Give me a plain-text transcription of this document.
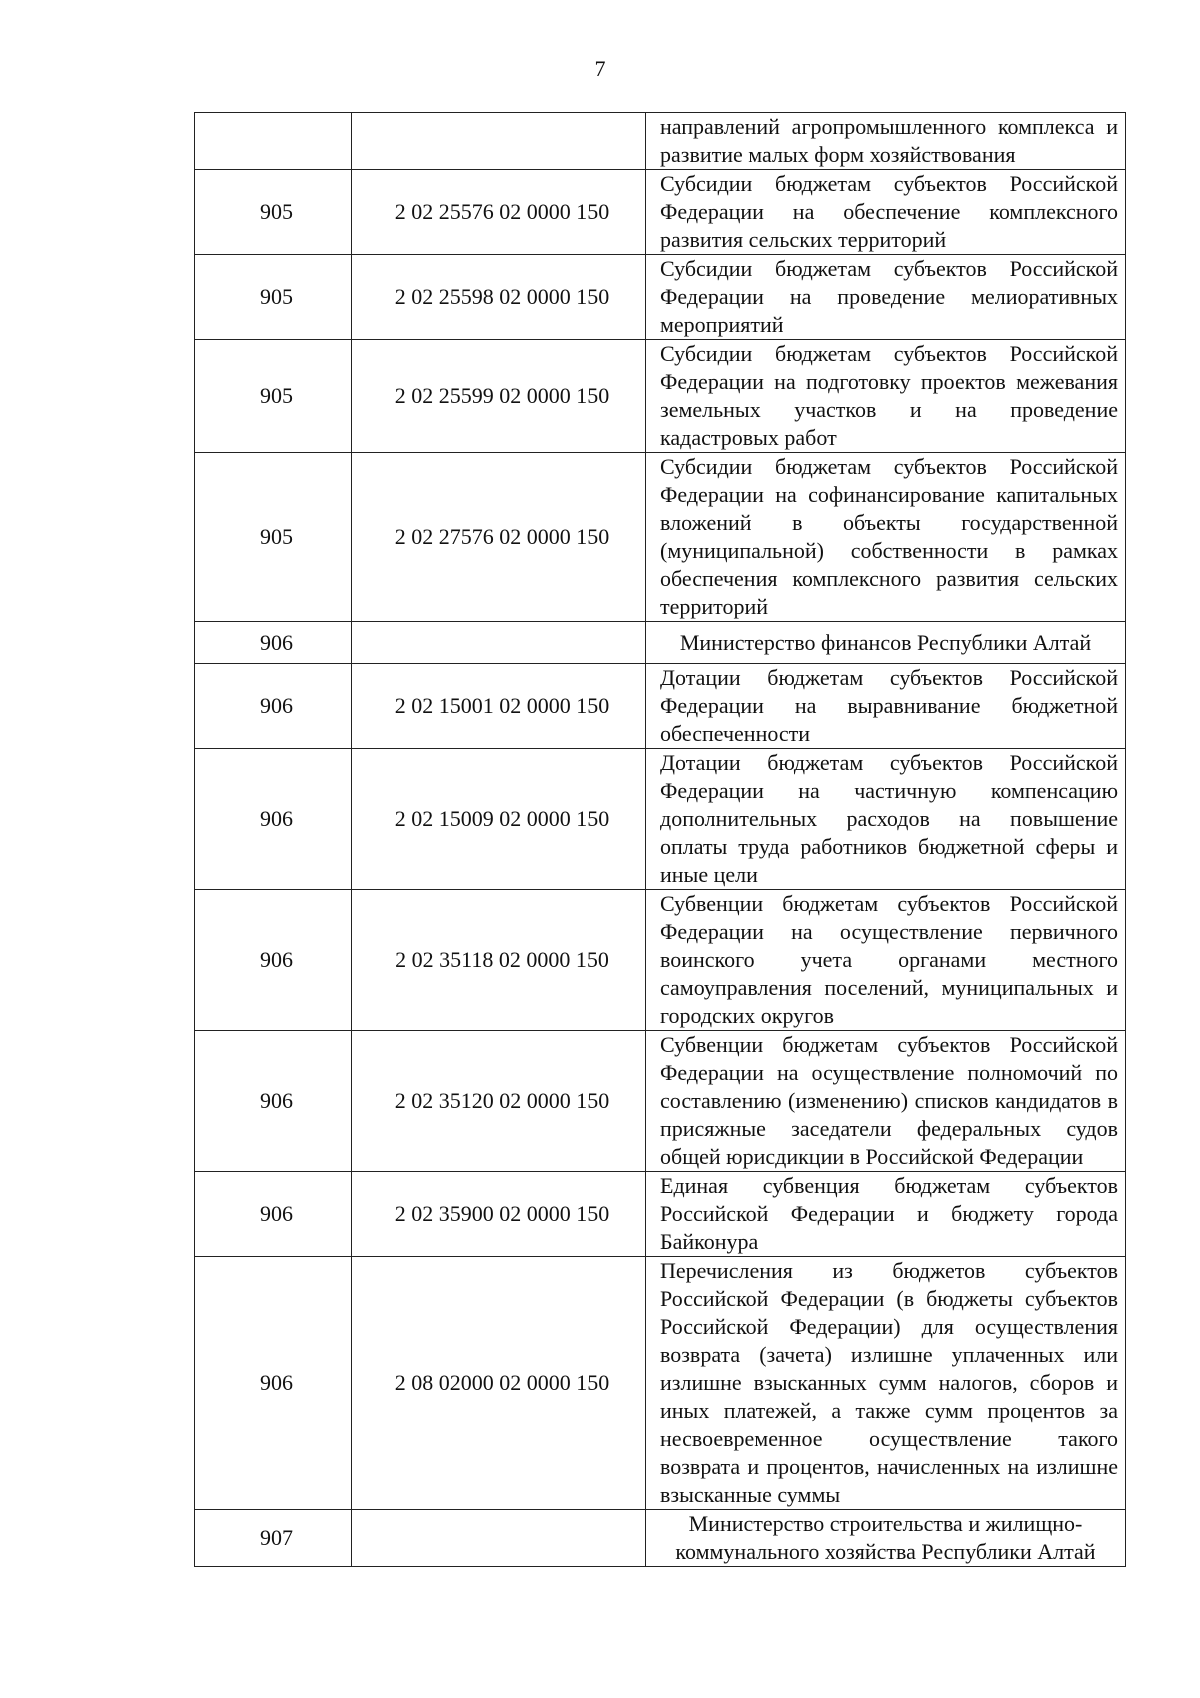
7
		направлений агропромышленного комплекса и развитие малых форм хозяйствования
905	2 02 25576 02 0000 150	Субсидии бюджетам субъектов Российской Федерации на обеспечение комплексного развития сельских территорий
905	2 02 25598 02 0000 150	Субсидии бюджетам субъектов Российской Федерации на проведение мелиоративных мероприятий
905	2 02 25599 02 0000 150	Субсидии бюджетам субъектов Российской Федерации на подготовку проектов межевания земельных участков и на проведение кадастровых работ
905	2 02 27576 02 0000 150	Субсидии бюджетам субъектов Российской Федерации на софинансирование капитальных вложений в объекты государственной (муниципальной) собственности в рамках обеспечения комплексного развития сельских территорий
906		Министерство финансов Республики Алтай
906	2 02 15001 02 0000 150	Дотации бюджетам субъектов Российской Федерации на выравнивание бюджетной обеспеченности
906	2 02 15009 02 0000 150	Дотации бюджетам субъектов Российской Федерации на частичную компенсацию дополнительных расходов на повышение оплаты труда работников бюджетной сферы и иные цели
906	2 02 35118 02 0000 150	Субвенции бюджетам субъектов Российской Федерации на осуществление первичного воинского учета органами местного самоуправления поселений, муниципальных и городских округов
906	2 02 35120 02 0000 150	Субвенции бюджетам субъектов Российской Федерации на осуществление полномочий по составлению (изменению) списков кандидатов в присяжные заседатели федеральных судов общей юрисдикции в Российской Федерации
906	2 02 35900 02 0000 150	Единая субвенция бюджетам субъектов Российской Федерации и бюджету города Байконура
906	2 08 02000 02 0000 150	Перечисления из бюджетов субъектов Российской Федерации (в бюджеты субъектов Российской Федерации) для осуществления возврата (зачета) излишне уплаченных или излишне взысканных сумм налогов, сборов и иных платежей, а также сумм процентов за несвоевременное осуществление такого возврата и процентов, начисленных на излишне взысканные суммы
907		Министерство строительства и жилищно-коммунального хозяйства Республики Алтай
